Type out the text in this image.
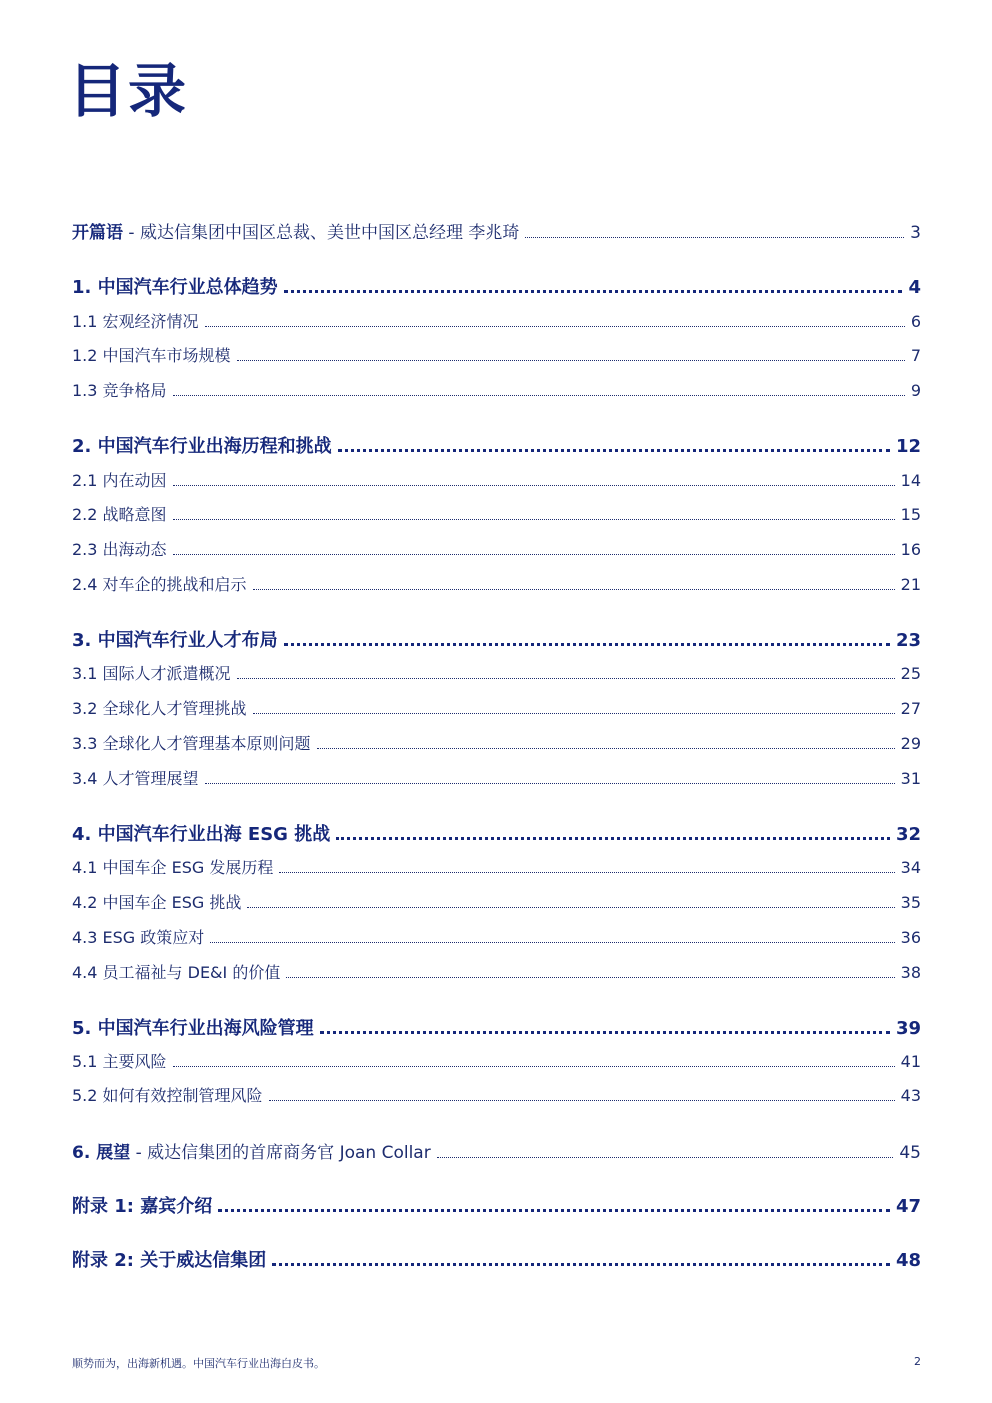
目录
开篇语 - 威达信集团中国区总裁、美世中国区总经理 李兆琦	3
1. 中国汽车行业总体趋势	4
1.1 宏观经济情况	6
1.2 中国汽车市场规模	7
1.3 竞争格局	9
2. 中国汽车行业出海历程和挑战	12
2.1 内在动因	14
2.2 战略意图	15
2.3 出海动态	16
2.4 对车企的挑战和启示	21
3. 中国汽车行业人才布局	23
3.1 国际人才派遣概况	25
3.2 全球化人才管理挑战	27
3.3 全球化人才管理基本原则问题	29
3.4 人才管理展望	31
4. 中国汽车行业出海 ESG 挑战	32
4.1 中国车企 ESG 发展历程	34
4.2 中国车企 ESG 挑战	35
4.3 ESG 政策应对	36
4.4 员工福祉与 DE&I 的价值	38
5. 中国汽车行业出海风险管理	39
5.1 主要风险	41
5.2 如何有效控制管理风险	43
6. 展望 - 威达信集团的首席商务官 Joan Collar	45
附录 1: 嘉宾介绍	47
附录 2: 关于威达信集团	48
顺势而为，出海新机遇。中国汽车行业出海白皮书。	2
